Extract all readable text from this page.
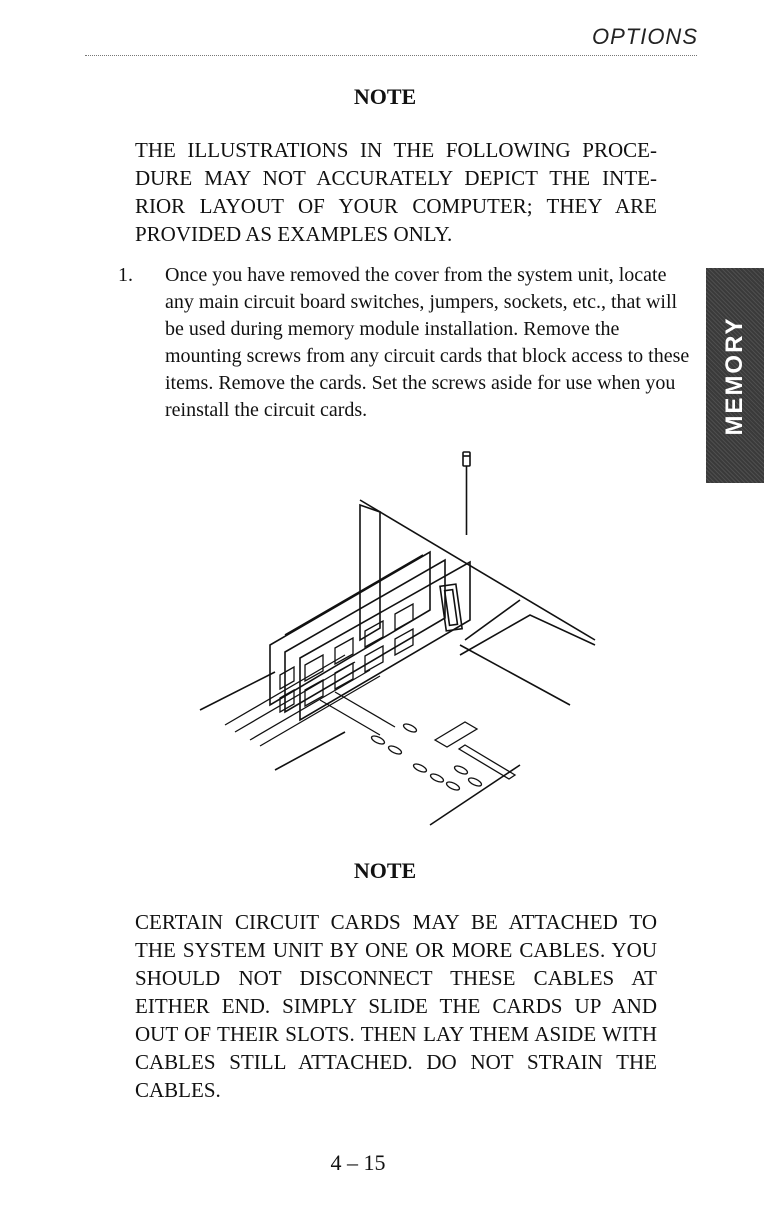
OPTIONS
NOTE

THE ILLUSTRATIONS IN THE FOLLOWING PROCE-DURE MAY NOT ACCURATELY DEPICT THE INTE-RIOR LAYOUT OF YOUR COMPUTER; THEY ARE PROVIDED AS EXAMPLES ONLY.

1. Once you have removed the cover from the system unit, locate any main circuit board switches, jumpers, sockets, etc., that will be used during memory module installation. Remove the mounting screws from any circuit cards that block access to these items. Remove the cards. Set the screws aside for use when you reinstall the circuit cards.	MEMORY
NOTE

CERTAIN CIRCUIT CARDS MAY BE ATTACHED TO THE SYSTEM UNIT BY ONE OR MORE CABLES. YOU SHOULD NOT DISCONNECT THESE CABLES AT EITHER END. SIMPLY SLIDE THE CARDS UP AND OUT OF THEIR SLOTS. THEN LAY THEM ASIDE WITH CABLES STILL ATTACHED. DO NOT STRAIN THE CABLES.

4 – 15
